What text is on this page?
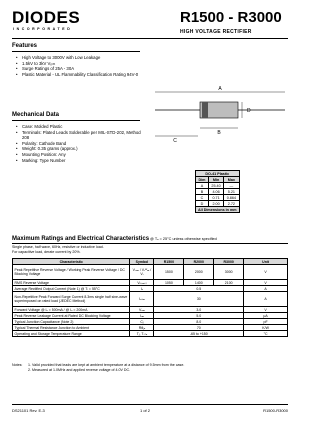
DIODES
INCORPORATED
R1500 - R3000
HIGH VOLTAGE RECTIFIER
Features
• High Voltage to 3000V with Low Leakage
• 1.5kV to 3kV Vᵣᵣₘ
• Surge Ratings of 25A - 30A
• Plastic Material - UL Flammability Classification Rating 94V-0
A
B
C
D
Mechanical Data
• Case: Molded Plastic
• Terminals: Plated Leads Solderable per MIL-STD-202, Method 208
• Polarity: Cathode Band
• Weight: 0.35 grams (approx.)
• Mounting Position: Any
• Marking: Type Number
DO-41 Plastic		
Dim	Min	Max
A	25.40	—
B	4.06	5.21
C	0.71	0.864
D	2.00	2.72
All Dimensions in mm		
Maximum Ratings and Electrical Characteristics @ Tₐ = 25°C unless otherwise specified
Single phase, half wave, 60Hz, resistive or inductive load.
For capacitive load, derate current by 20%.
Characteristic	Symbol	R1500	R2000	R3000	Unit
Peak Repetitive Reverse Voltage / Working Peak Reverse Voltage / DC Blocking Voltage	Vᵣᵣₘ / Vᵣᵂₘ / Vᵣ	1500	2000	3000	V
RMS Reverse Voltage	Vᵣ₍ᵣₘₛ₎	1050	1400	2100	V
Average Rectified Output Current (Note 1) @ Tₗ = 55°C	Iₒ	0.5			A
Non-Repetitive Peak Forward Surge Current 8.3ms single half sine-wave superimposed on rated load (JEDEC Method)	Iₒₛₘ	30			A
Forward Voltage @ Iₒ = 500mA / @ Iₒ = 200mA	Vₒₘ	3.0			V
Peak Reverse Leakage Current at Rated DC Blocking Voltage	Iᵣₘ	5.0			μA
Typical Junction Capacitance (Note 2)	Cⱼ	8.0			pF
Typical Thermal Resistance Junction to Ambient	Rθⱼₐ	70			K/W
Operating and Storage Temperature Range	Tⱼ, Tₛₜₐ	-65 to +150			°C
Notes:	1. Valid provided that leads are kept at ambient temperature at a distance of 9.5mm from the case.
2. Measured at 1.0MHz and applied reverse voltage of 4.0V DC.
DS21101 Rev. E-3	1 of 2	R1500-R3000
